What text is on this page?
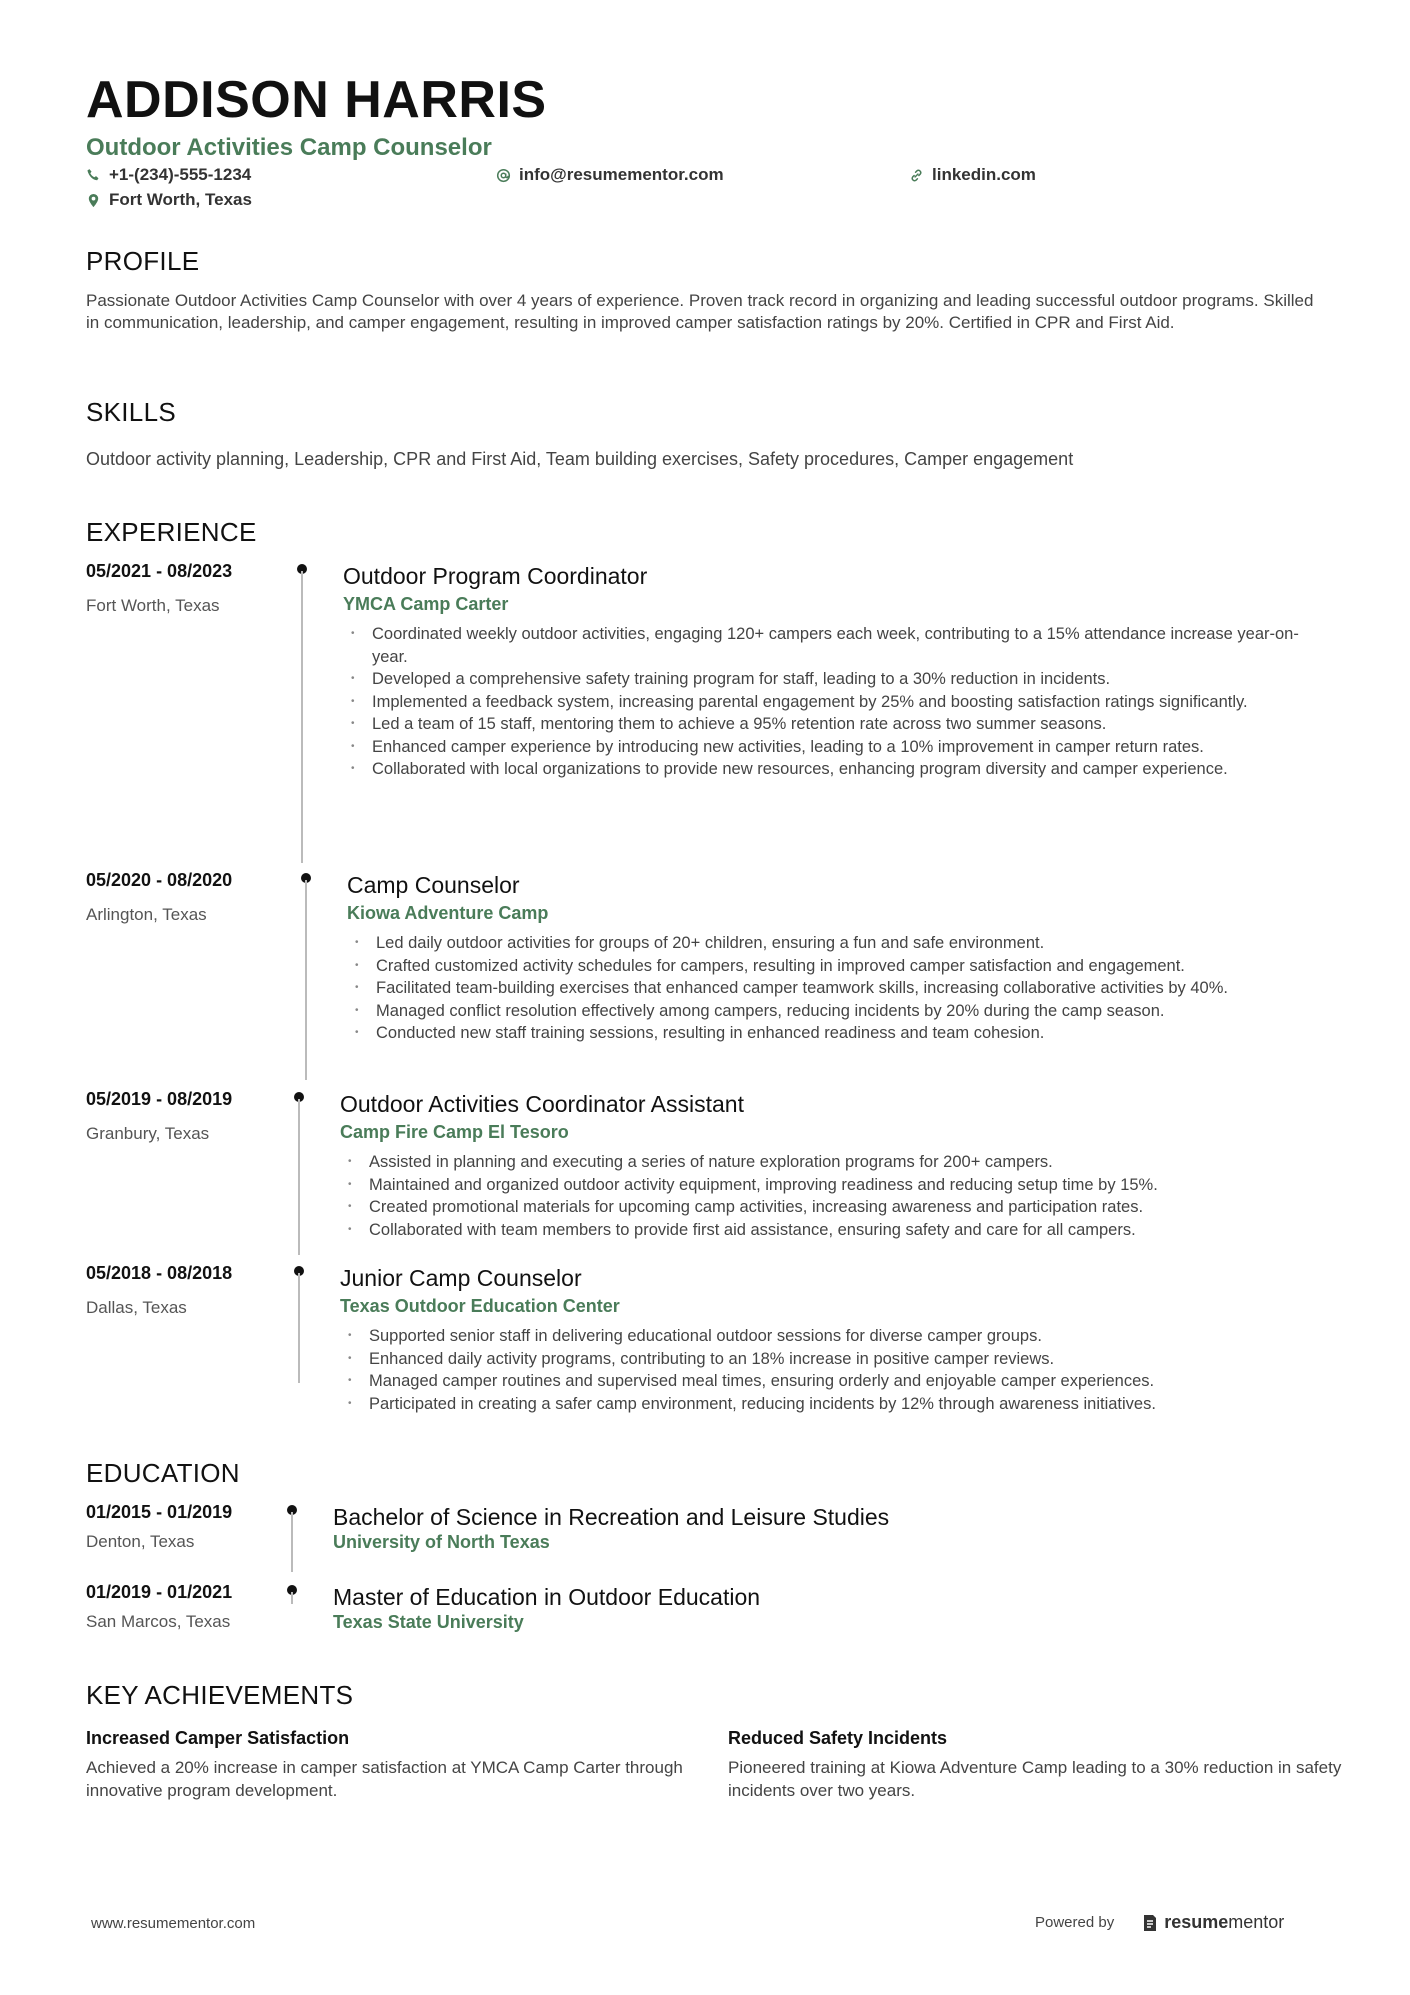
ADDISON HARRIS
Outdoor Activities Camp Counselor
+1-(234)-555-1234	info@resumementor.com	linkedin.com
Fort Worth, Texas
PROFILE
Passionate Outdoor Activities Camp Counselor with over 4 years of experience. Proven track record in organizing and leading successful outdoor programs. Skilled in communication, leadership, and camper engagement, resulting in improved camper satisfaction ratings by 20%. Certified in CPR and First Aid.
SKILLS
Outdoor activity planning, Leadership, CPR and First Aid, Team building exercises, Safety procedures, Camper engagement
EXPERIENCE
05/2021 - 08/2023
Fort Worth, Texas
Outdoor Program Coordinator
YMCA Camp Carter
• Coordinated weekly outdoor activities, engaging 120+ campers each week, contributing to a 15% attendance increase year-on-year.
• Developed a comprehensive safety training program for staff, leading to a 30% reduction in incidents.
• Implemented a feedback system, increasing parental engagement by 25% and boosting satisfaction ratings significantly.
• Led a team of 15 staff, mentoring them to achieve a 95% retention rate across two summer seasons.
• Enhanced camper experience by introducing new activities, leading to a 10% improvement in camper return rates.
• Collaborated with local organizations to provide new resources, enhancing program diversity and camper experience.
05/2020 - 08/2020
Arlington, Texas
Camp Counselor
Kiowa Adventure Camp
• Led daily outdoor activities for groups of 20+ children, ensuring a fun and safe environment.
• Crafted customized activity schedules for campers, resulting in improved camper satisfaction and engagement.
• Facilitated team-building exercises that enhanced camper teamwork skills, increasing collaborative activities by 40%.
• Managed conflict resolution effectively among campers, reducing incidents by 20% during the camp season.
• Conducted new staff training sessions, resulting in enhanced readiness and team cohesion.
05/2019 - 08/2019
Granbury, Texas
Outdoor Activities Coordinator Assistant
Camp Fire Camp El Tesoro
• Assisted in planning and executing a series of nature exploration programs for 200+ campers.
• Maintained and organized outdoor activity equipment, improving readiness and reducing setup time by 15%.
• Created promotional materials for upcoming camp activities, increasing awareness and participation rates.
• Collaborated with team members to provide first aid assistance, ensuring safety and care for all campers.
05/2018 - 08/2018
Dallas, Texas
Junior Camp Counselor
Texas Outdoor Education Center
• Supported senior staff in delivering educational outdoor sessions for diverse camper groups.
• Enhanced daily activity programs, contributing to an 18% increase in positive camper reviews.
• Managed camper routines and supervised meal times, ensuring orderly and enjoyable camper experiences.
• Participated in creating a safer camp environment, reducing incidents by 12% through awareness initiatives.
EDUCATION
01/2015 - 01/2019
Denton, Texas
Bachelor of Science in Recreation and Leisure Studies
University of North Texas
01/2019 - 01/2021
San Marcos, Texas
Master of Education in Outdoor Education
Texas State University
KEY ACHIEVEMENTS
Increased Camper Satisfaction
Achieved a 20% increase in camper satisfaction at YMCA Camp Carter through innovative program development.
Reduced Safety Incidents
Pioneered training at Kiowa Adventure Camp leading to a 30% reduction in safety incidents over two years.
www.resumementor.com	Powered by	resumementor
